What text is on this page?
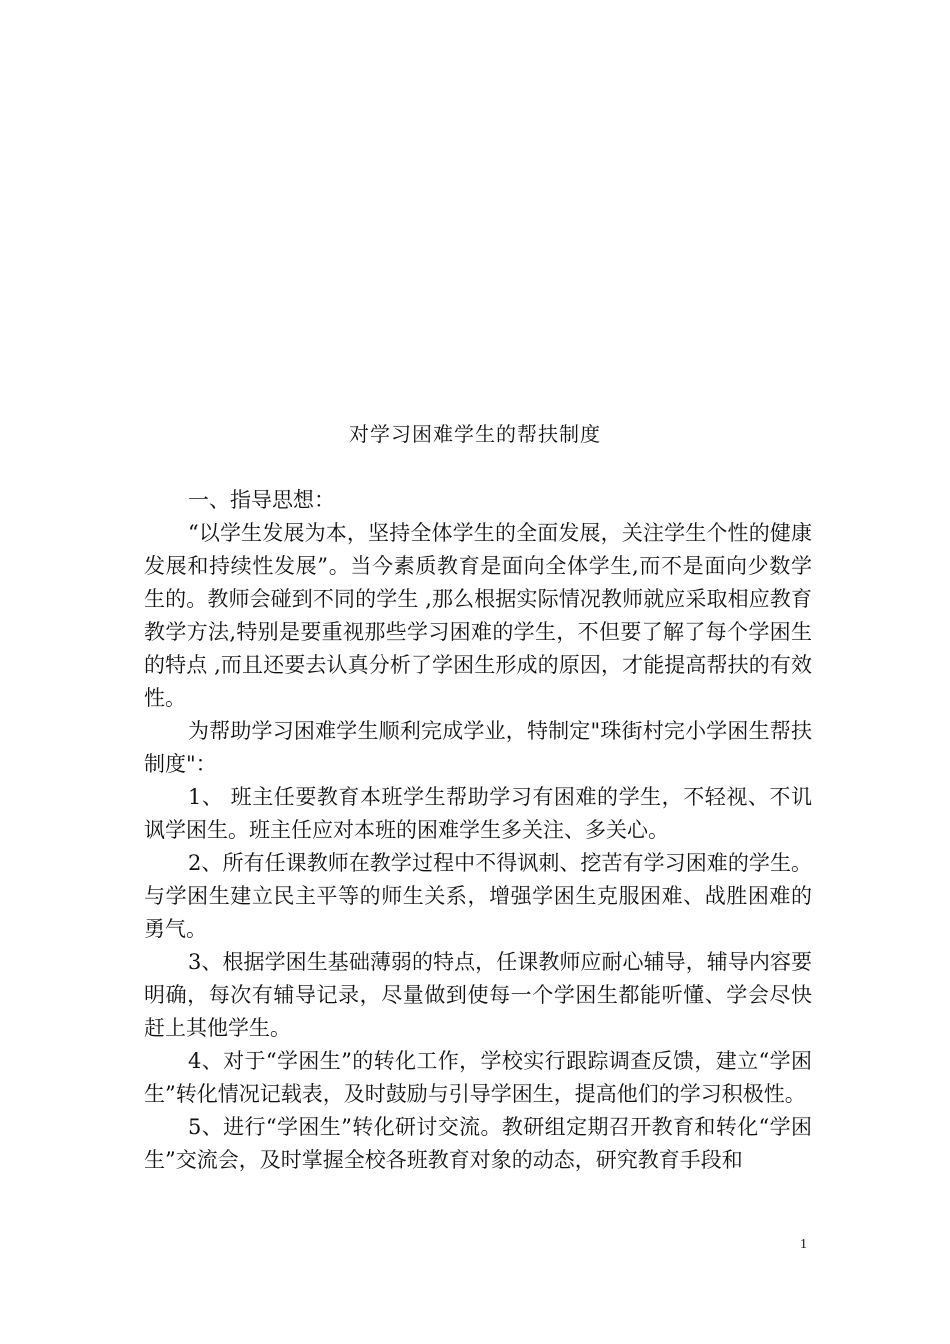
对学习困难学生的帮扶制度

一、指导思想：

“以学生发展为本，坚持全体学生的全面发展，关注学生个性的健康发展和持续性发展”。当今素质教育是面向全体学生,而不是面向少数学生的。教师会碰到不同的学生 ,那么根据实际情况教师就应采取相应教育教学方法,特别是要重视那些学习困难的学生，不但要了解了每个学困生的特点 ,而且还要去认真分析了学困生形成的原因，才能提高帮扶的有效性。

为帮助学习困难学生顺利完成学业，特制定"珠街村完小学困生帮扶制度"：

1、 班主任要教育本班学生帮助学习有困难的学生，不轻视、不讥讽学困生。班主任应对本班的困难学生多关注、多关心。

2、所有任课教师在教学过程中不得讽刺、挖苦有学习困难的学生。与学困生建立民主平等的师生关系，增强学困生克服困难、战胜困难的勇气。

3、根据学困生基础薄弱的特点，任课教师应耐心辅导，辅导内容要明确，每次有辅导记录，尽量做到使每一个学困生都能听懂、学会尽快赶上其他学生。

4、对于“学困生”的转化工作，学校实行跟踪调查反馈，建立“学困生”转化情况记载表，及时鼓励与引导学困生，提高他们的学习积极性。

5、进行“学困生”转化研讨交流。教研组定期召开教育和转化“学困生”交流会，及时掌握全校各班教育对象的动态，研究教育手段和

1
